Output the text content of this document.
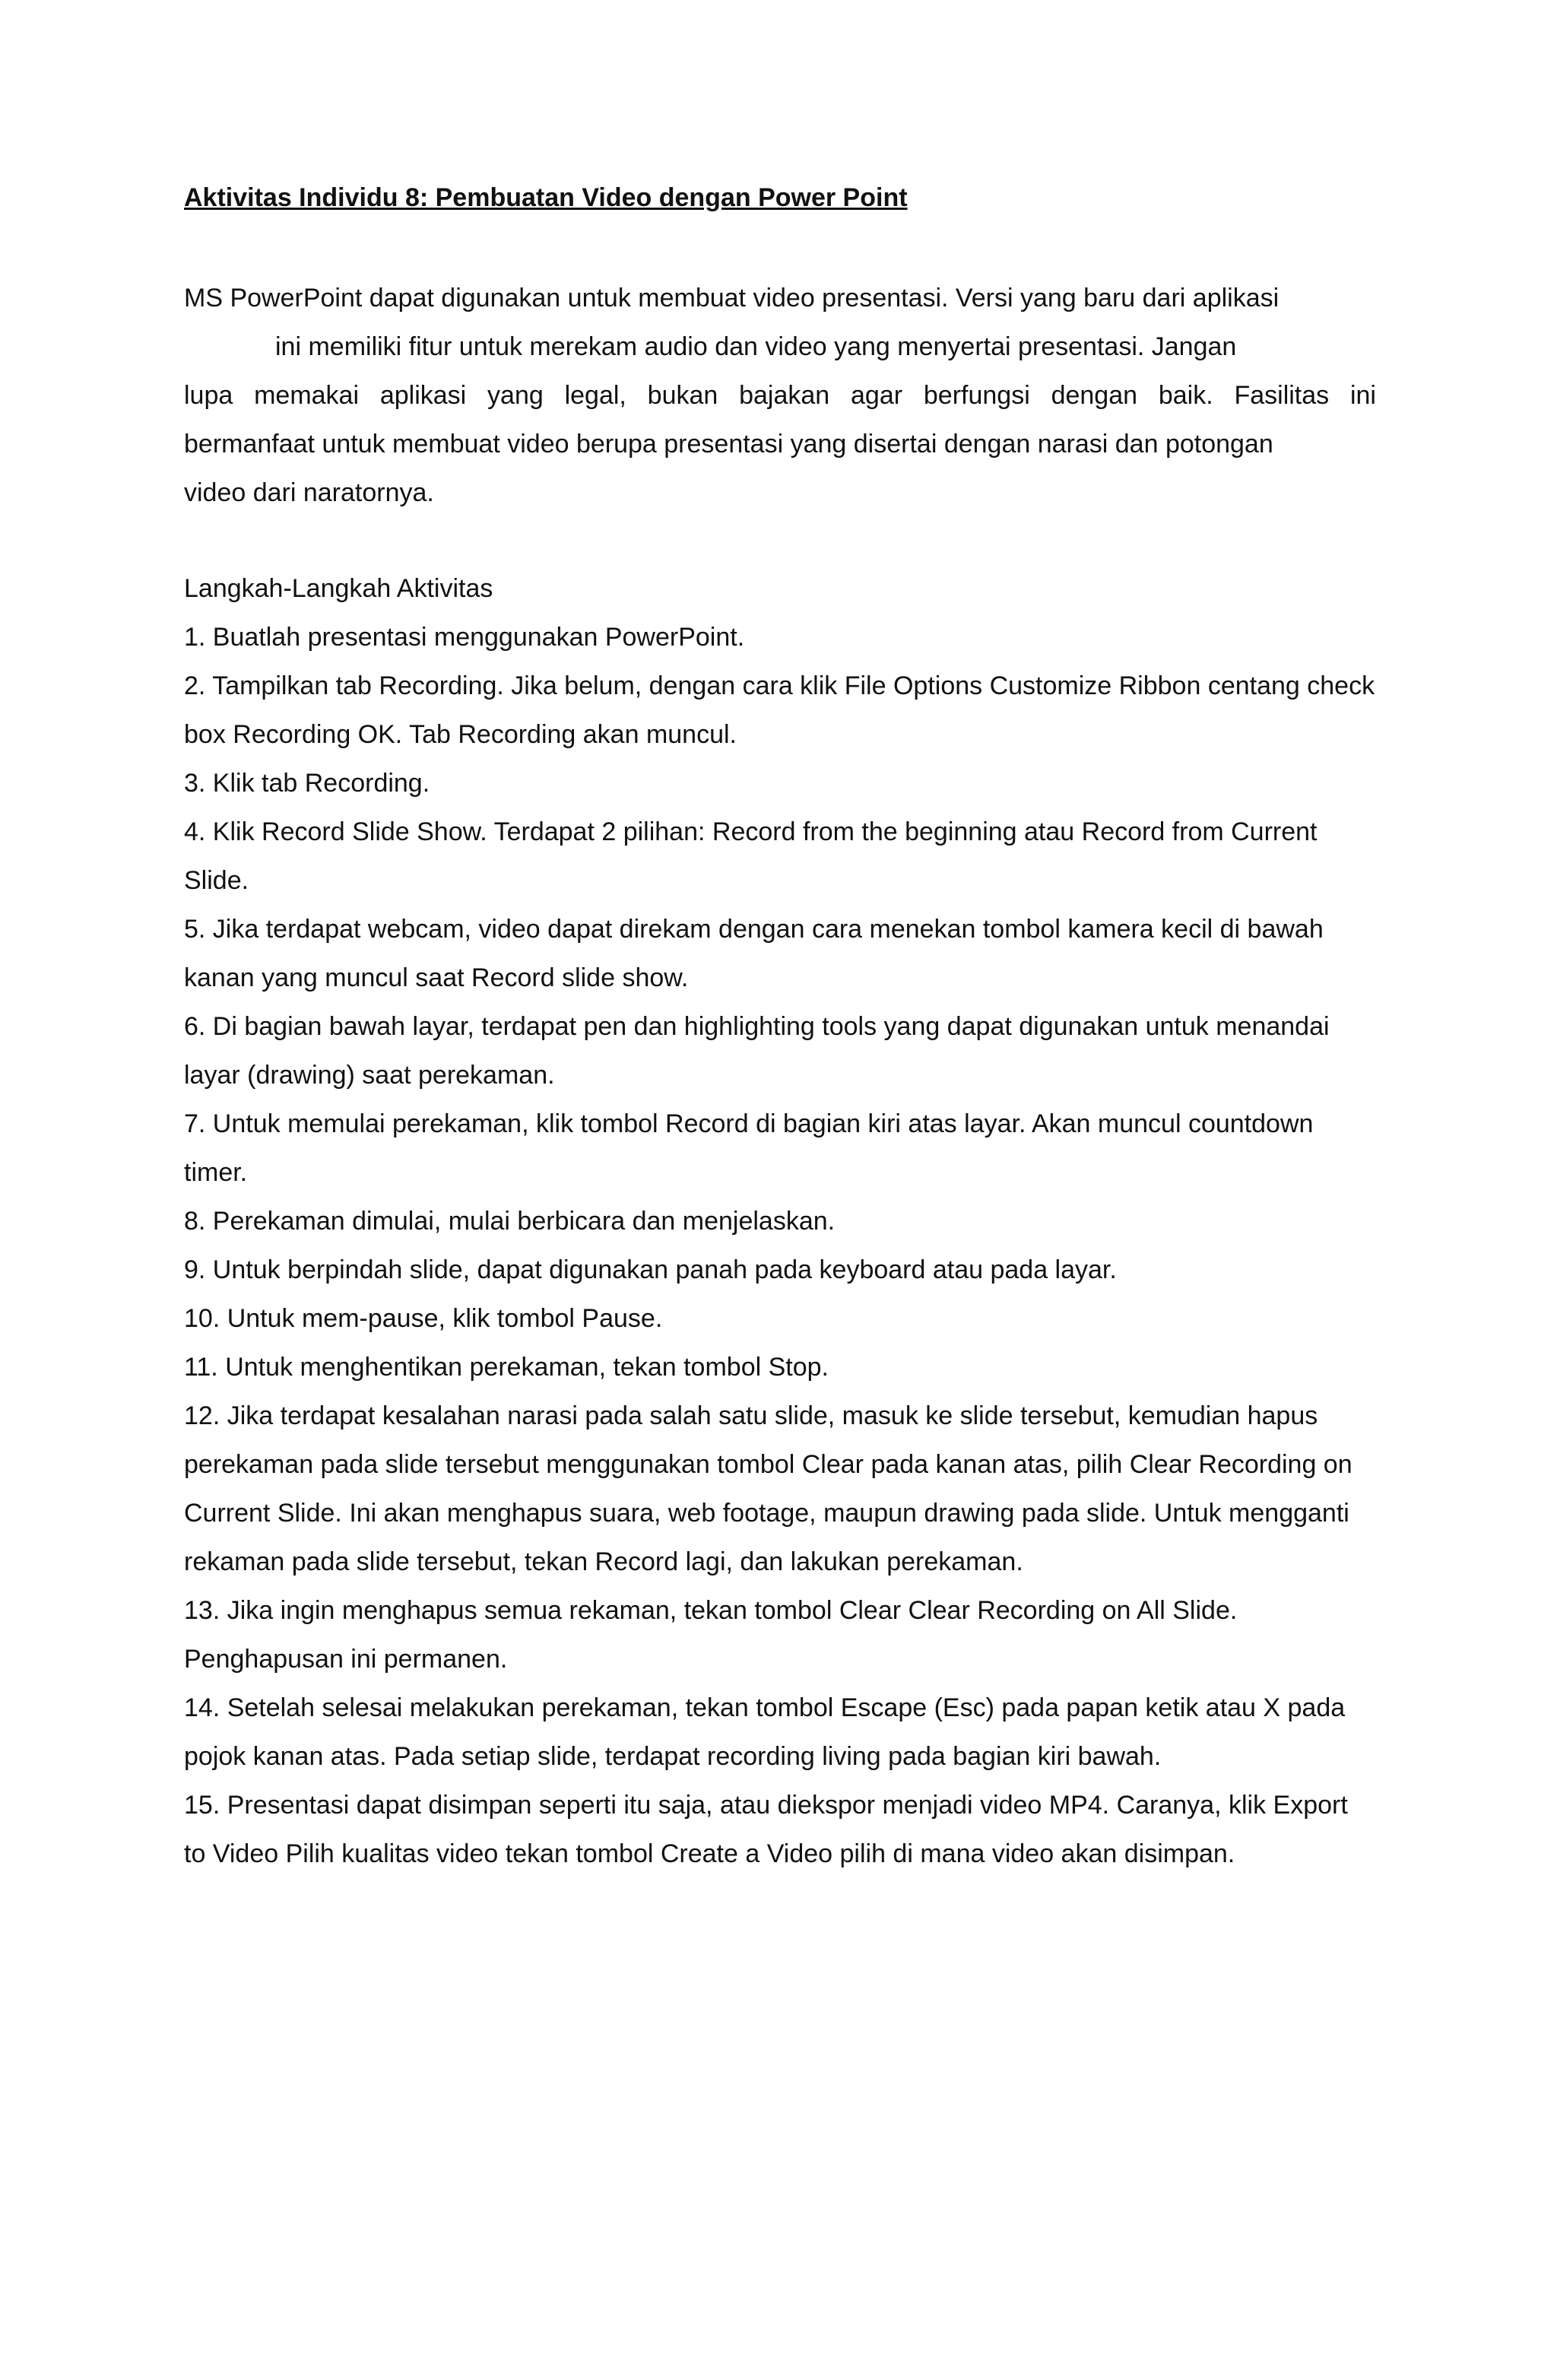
Aktivitas Individu 8: Pembuatan Video dengan Power Point
MS PowerPoint dapat digunakan untuk membuat video presentasi. Versi yang baru dari aplikasi
ini memiliki fitur untuk merekam audio dan video yang menyertai presentasi. Jangan
lupa memakai aplikasi yang legal, bukan bajakan agar berfungsi dengan baik. Fasilitas ini
bermanfaat untuk membuat video berupa presentasi yang disertai dengan narasi dan potongan
video dari naratornya.
Langkah-Langkah Aktivitas
1. Buatlah presentasi menggunakan PowerPoint.
2. Tampilkan tab Recording. Jika belum, dengan cara klik File Options Customize Ribbon centang check box Recording OK. Tab Recording akan muncul.
3. Klik tab Recording.
4. Klik Record Slide Show. Terdapat 2 pilihan: Record from the beginning atau Record from Current Slide.
5. Jika terdapat webcam, video dapat direkam dengan cara menekan tombol kamera kecil di bawah kanan yang muncul saat Record slide show.
6. Di bagian bawah layar, terdapat pen dan highlighting tools yang dapat digunakan untuk menandai layar (drawing) saat perekaman.
7. Untuk memulai perekaman, klik tombol Record di bagian kiri atas layar. Akan muncul countdown timer.
8. Perekaman dimulai, mulai berbicara dan menjelaskan.
9. Untuk berpindah slide, dapat digunakan panah pada keyboard atau pada layar.
10. Untuk mem-pause, klik tombol Pause.
11. Untuk menghentikan perekaman, tekan tombol Stop.
12. Jika terdapat kesalahan narasi pada salah satu slide, masuk ke slide tersebut, kemudian hapus perekaman pada slide tersebut menggunakan tombol Clear pada kanan atas, pilih Clear Recording on Current Slide. Ini akan menghapus suara, web footage, maupun drawing pada slide. Untuk mengganti rekaman pada slide tersebut, tekan Record lagi, dan lakukan perekaman.
13. Jika ingin menghapus semua rekaman, tekan tombol Clear Clear Recording on All Slide. Penghapusan ini permanen.
14. Setelah selesai melakukan perekaman, tekan tombol Escape (Esc) pada papan ketik atau X pada pojok kanan atas. Pada setiap slide, terdapat recording living pada bagian kiri bawah.
15. Presentasi dapat disimpan seperti itu saja, atau diekspor menjadi video MP4. Caranya, klik Export to Video Pilih kualitas video tekan tombol Create a Video pilih di mana video akan disimpan.
